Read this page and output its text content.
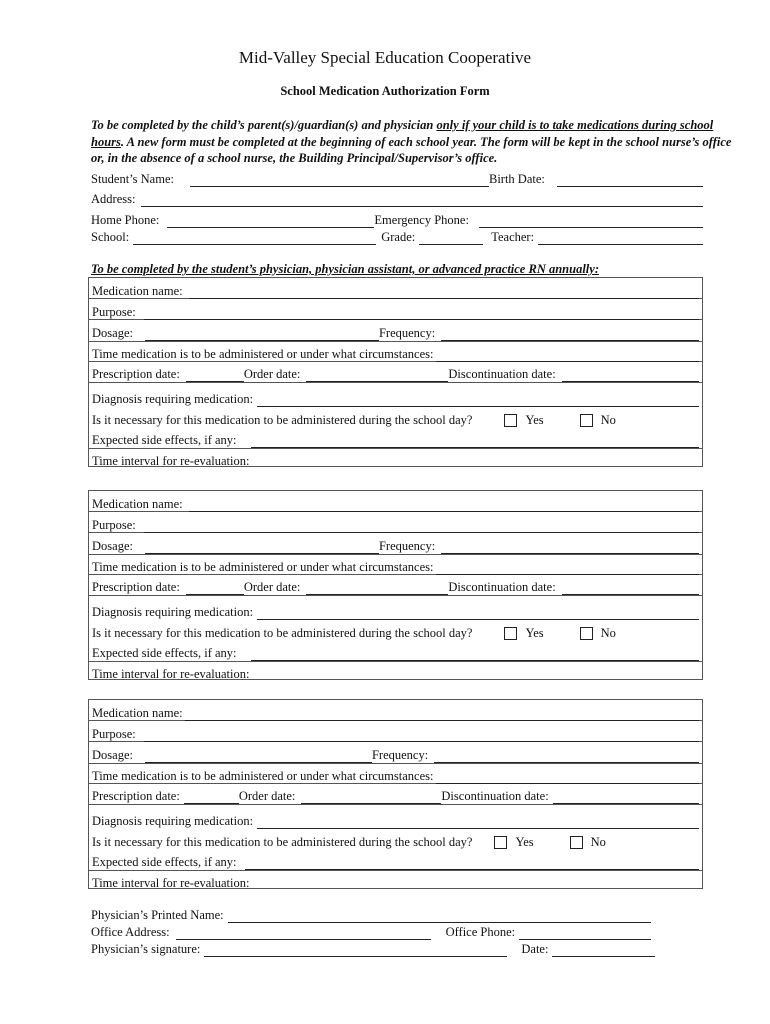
Mid-Valley Special Education Cooperative
School Medication Authorization Form
To be completed by the child’s parent(s)/guardian(s) and physician only if your child is to take medications during school hours. A new form must be completed at the beginning of each school year. The form will be kept in the school nurse’s office or, in the absence of a school nurse, the Building Principal/Supervisor’s office.
Student’s Name:	Birth Date:
Address:
Home Phone:	Emergency Phone:
School:	Grade:	Teacher:
To be completed by the student’s physician, physician assistant, or advanced practice RN annually:
Medication name:
Purpose:
Dosage:	Frequency:
Time medication is to be administered or under what circumstances:
Prescription date:	Order date:	Discontinuation date:
Diagnosis requiring medication:
Is it necessary for this medication to be administered during the school day?	Yes	No
Expected side effects, if any:
Time interval for re-evaluation:
Medication name:
Purpose:
Dosage:	Frequency:
Time medication is to be administered or under what circumstances:
Prescription date:	Order date:	Discontinuation date:
Diagnosis requiring medication:
Is it necessary for this medication to be administered during the school day?	Yes	No
Expected side effects, if any:
Time interval for re-evaluation:
Medication name:
Purpose:
Dosage:	Frequency:
Time medication is to be administered or under what circumstances:
Prescription date:	Order date:	Discontinuation date:
Diagnosis requiring medication:
Is it necessary for this medication to be administered during the school day?	Yes	No
Expected side effects, if any:
Time interval for re-evaluation:
Physician’s Printed Name:
Office Address:	Office Phone:
Physician’s signature:	Date:
